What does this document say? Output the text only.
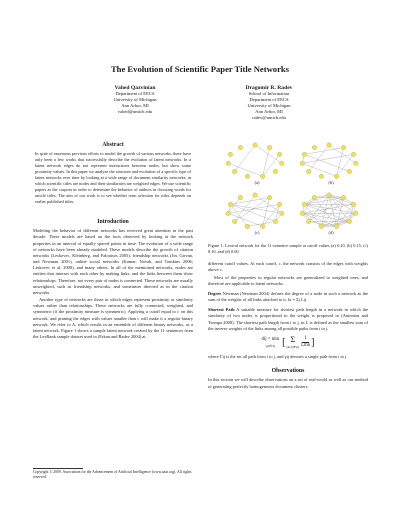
The Evolution of Scientific Paper Title Networks
Vahed Qazvinian
Department of EECS
University of Michigan
Ann Arbor, MI
vahed@umich.edu
Dragomir R. Radev
School of Information
Department of EECS
University of Michigan
Ann Arbor, MI
radev@umich.edu
Abstract

In spite of enormous previous efforts to model the growth of various networks, there have only been a few works that successfully describe the evolution of latent networks. In a latent network edges do not represent interactions between nodes, but show some proximity values. In this paper we analyze the structure and evolution of a specific type of latent networks over time by looking at a wide range of document similarity networks, in which scientific titles are nodes and their similarities are weighted edges. We use scientific papers as the corpora in order to determine the behavior of authors in choosing words for article titles. The aim of our work is to see whether term selection for titles depends on earlier published titles.

Introduction

Modeling the behavior of different networks has received great attention in the past decade. These models are based on the facts observed by looking at the network properties in an interval of equally spaced points in time. The evolution of a wide range of networks have been already modeled. These models describe the growth of citation networks (Leskovec, Kleinberg, and Faloutsos 2005), friendship networks (Jin, Girvan, and Newman 2001), online social networks (Kumar, Novak, and Tomkins 2006; Leskovec et al. 2008), and many others. In all of the mentioned networks, nodes are entities that interact with each other by making links, and the links between them show relationships. Therefore, not every pair of nodes is connected. These networks are usually unweighted, such as friendship networks, and sometimes directed as in the citation networks.

Another type of networks are those in which edges represent proximity or similarity values rather than relationships. These networks are fully connected, weighted, and symmetric (if the proximity measure is symmetric). Applying a cutoff equal to c on this network, and pruning the edges with values smaller than c will make it a regular binary network. We refer to A, which results in an ensemble of different binary networks, as a latent network. Figure 1 shows a sample latent network created by the 11 sentences from the LexRank sample dataset used in (Erkan and Radev 2004) at

Copyright © 2009, Association for the Advancement of Artificial Intelligence (www.aaai.org). All rights reserved.
(a)	(b)
(c)	(d)

Figure 1: Lexical network for the 11-sentence sample at cutoff values (a) 0.20, (b) 0.15, (c) 0.10, and (d) 0.00.

different cutoff values. At each cutoff, c, the network consists of the edges with weights above c.

Most of the properties in regular networks are generalized to weighted ones, and therefore are applicable to latent networks.

Degree Newman (Newman 2004) defines the degree of a node in such a network as the sum of the weights of all links attached to it, ki = Σj Lij.

Shortest Path A suitable measure for shortest path length in a network in which the similarity of two nodes is proportional to the weight is proposed in (Antoniou and Tsompa 2008). The shortest path length from i to j, in L is defined as the smallest sum of the inverse weights of the links among all possible paths from i to j.

dij = min
γij∈Γij [ Σ
(m,n)∈γij
1
Lmn ]

where Γij is the set all path from i to j, and γij denotes a single path from i to j.

Observations

In this section we will describe observations on a set of real-world as well as our method of generating perfectly homogeneous document clusters.
